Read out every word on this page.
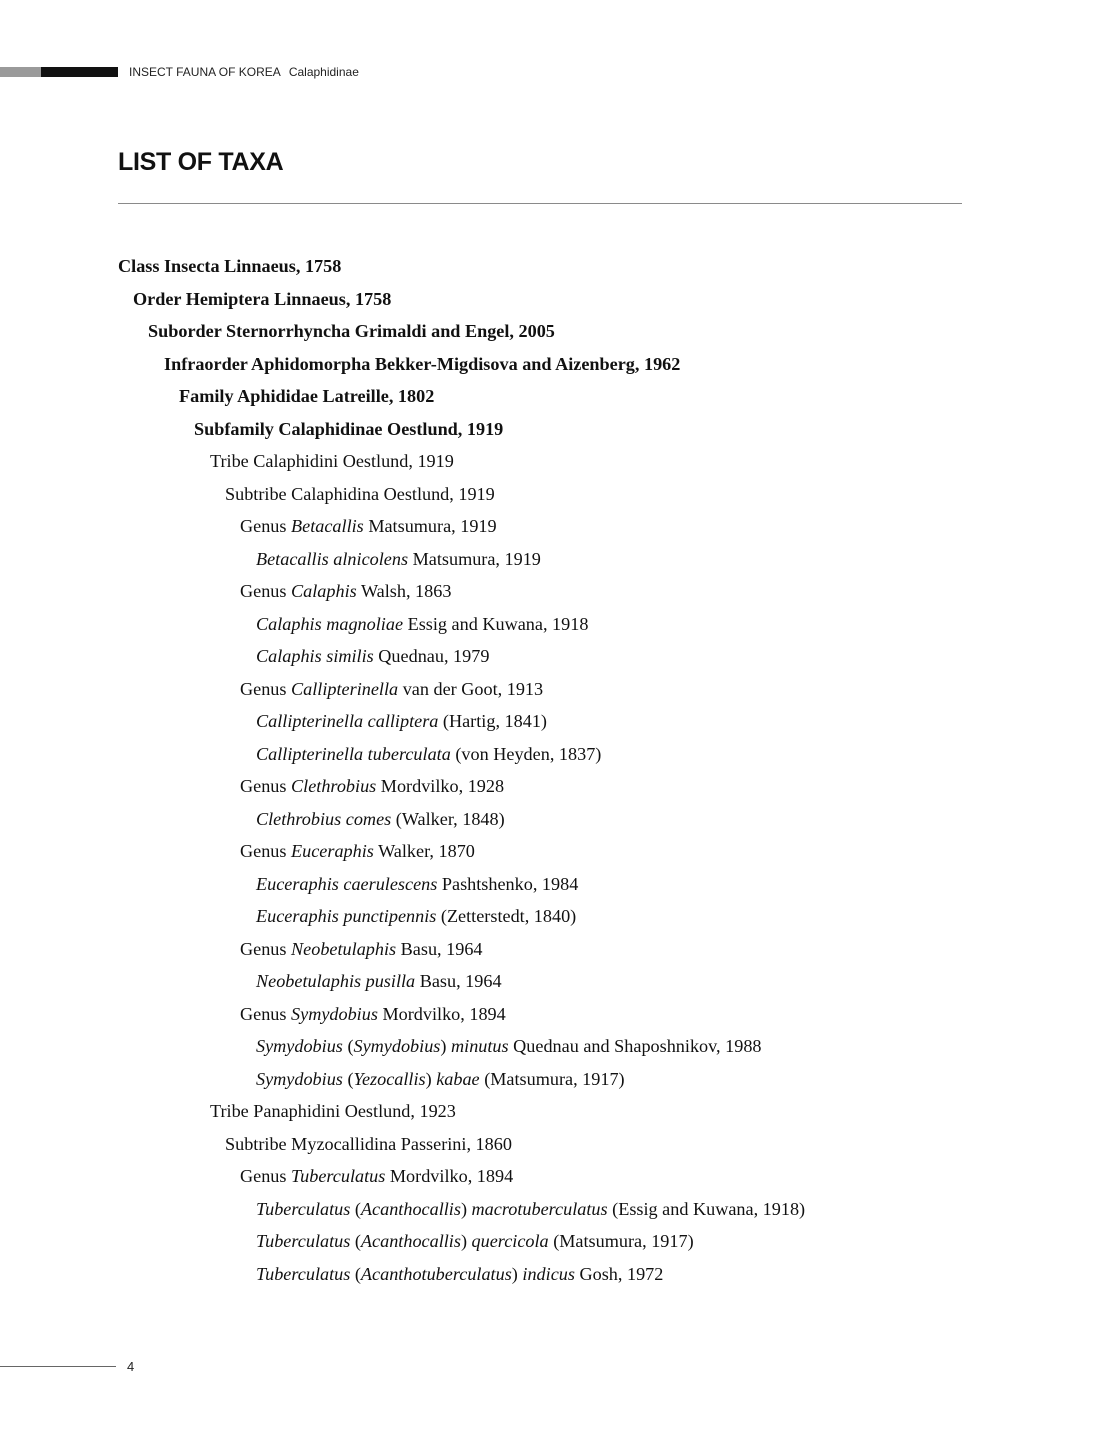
INSECT FAUNA OF KOREA Calaphidinae
LIST OF TAXA
Class Insecta Linnaeus, 1758
Order Hemiptera Linnaeus, 1758
Suborder Sternorrhyncha Grimaldi and Engel, 2005
Infraorder Aphidomorpha Bekker-Migdisova and Aizenberg, 1962
Family Aphididae Latreille, 1802
Subfamily Calaphidinae Oestlund, 1919
Tribe Calaphidini Oestlund, 1919
Subtribe Calaphidina Oestlund, 1919
Genus Betacallis Matsumura, 1919
Betacallis alnicolens Matsumura, 1919
Genus Calaphis Walsh, 1863
Calaphis magnoliae Essig and Kuwana, 1918
Calaphis similis Quednau, 1979
Genus Callipterinella van der Goot, 1913
Callipterinella calliptera (Hartig, 1841)
Callipterinella tuberculata (von Heyden, 1837)
Genus Clethrobius Mordvilko, 1928
Clethrobius comes (Walker, 1848)
Genus Euceraphis Walker, 1870
Euceraphis caerulescens Pashtshenko, 1984
Euceraphis punctipennis (Zetterstedt, 1840)
Genus Neobetulaphis Basu, 1964
Neobetulaphis pusilla Basu, 1964
Genus Symydobius Mordvilko, 1894
Symydobius (Symydobius) minutus Quednau and Shaposhnikov, 1988
Symydobius (Yezocallis) kabae (Matsumura, 1917)
Tribe Panaphidini Oestlund, 1923
Subtribe Myzocallidina Passerini, 1860
Genus Tuberculatus Mordvilko, 1894
Tuberculatus (Acanthocallis) macrotuberculatus (Essig and Kuwana, 1918)
Tuberculatus (Acanthocallis) quercicola (Matsumura, 1917)
Tuberculatus (Acanthotuberculatus) indicus Gosh, 1972
4
